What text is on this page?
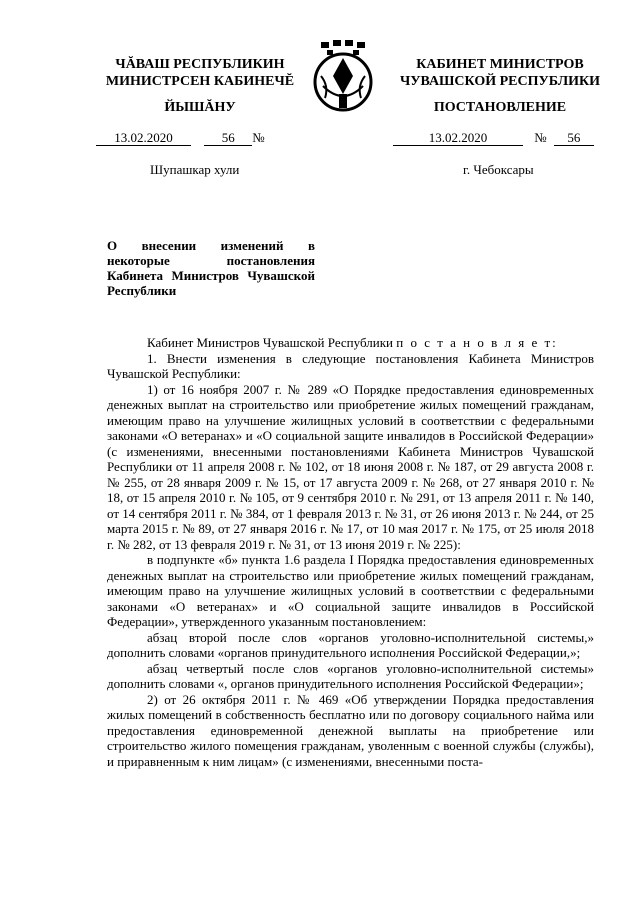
ЧĂВАШ РЕСПУБЛИКИН
МИНИСТРСЕН КАБИНЕЧĔ
ЙЫШĂНУ
КАБИНЕТ МИНИСТРОВ
ЧУВАШСКОЙ РЕСПУБЛИКИ
ПОСТАНОВЛЕНИЕ
13.02.2020	56 №	13.02.2020	№ 56
Шупашкар хули	г. Чебоксары
О внесении изменений в некоторые постановления Кабинета Министров Чувашской Республики

Кабинет Министров Чувашской Республики п о с т а н о в л я е т:

1. Внести изменения в следующие постановления Кабинета Министров Чувашской Республики:

1) от 16 ноября 2007 г. № 289 «О Порядке предоставления единовременных денежных выплат на строительство или приобретение жилых помещений гражданам, имеющим право на улучшение жилищных условий в соответствии с федеральными законами «О ветеранах» и «О социальной защите инвалидов в Российской Федерации» (с изменениями, внесенными постановлениями Кабинета Министров Чувашской Республики от 11 апреля 2008 г. № 102, от 18 июня 2008 г. № 187, от 29 августа 2008 г. № 255, от 28 января 2009 г. № 15, от 17 августа 2009 г. № 268, от 27 января 2010 г. № 18, от 15 апреля 2010 г. № 105, от 9 сентября 2010 г. № 291, от 13 апреля 2011 г. № 140, от 14 сентября 2011 г. № 384, от 1 февраля 2013 г. № 31, от 26 июня 2013 г. № 244, от 25 марта 2015 г. № 89, от 27 января 2016 г. № 17, от 10 мая 2017 г. № 175, от 25 июля 2018 г. № 282, от 13 февраля 2019 г. № 31, от 13 июня 2019 г. № 225):

в подпункте «б» пункта 1.6 раздела I Порядка предоставления единовременных денежных выплат на строительство или приобретение жилых помещений гражданам, имеющим право на улучшение жилищных условий в соответствии с федеральными законами «О ветеранах» и «О социальной защите инвалидов в Российской Федерации», утвержденного указанным постановлением:

абзац второй после слов «органов уголовно-исполнительной системы,» дополнить словами «органов принудительного исполнения Российской Федерации,»;

абзац четвертый после слов «органов уголовно-исполнительной системы» дополнить словами «, органов принудительного исполнения Российской Федерации»;

2) от 26 октября 2011 г. № 469 «Об утверждении Порядка предоставления жилых помещений в собственность бесплатно или по договору социального найма или предоставления единовременной денежной выплаты на приобретение или строительство жилого помещения гражданам, уволенным с военной службы (службы), и приравненным к ним лицам» (с изменениями, внесенными поста-
